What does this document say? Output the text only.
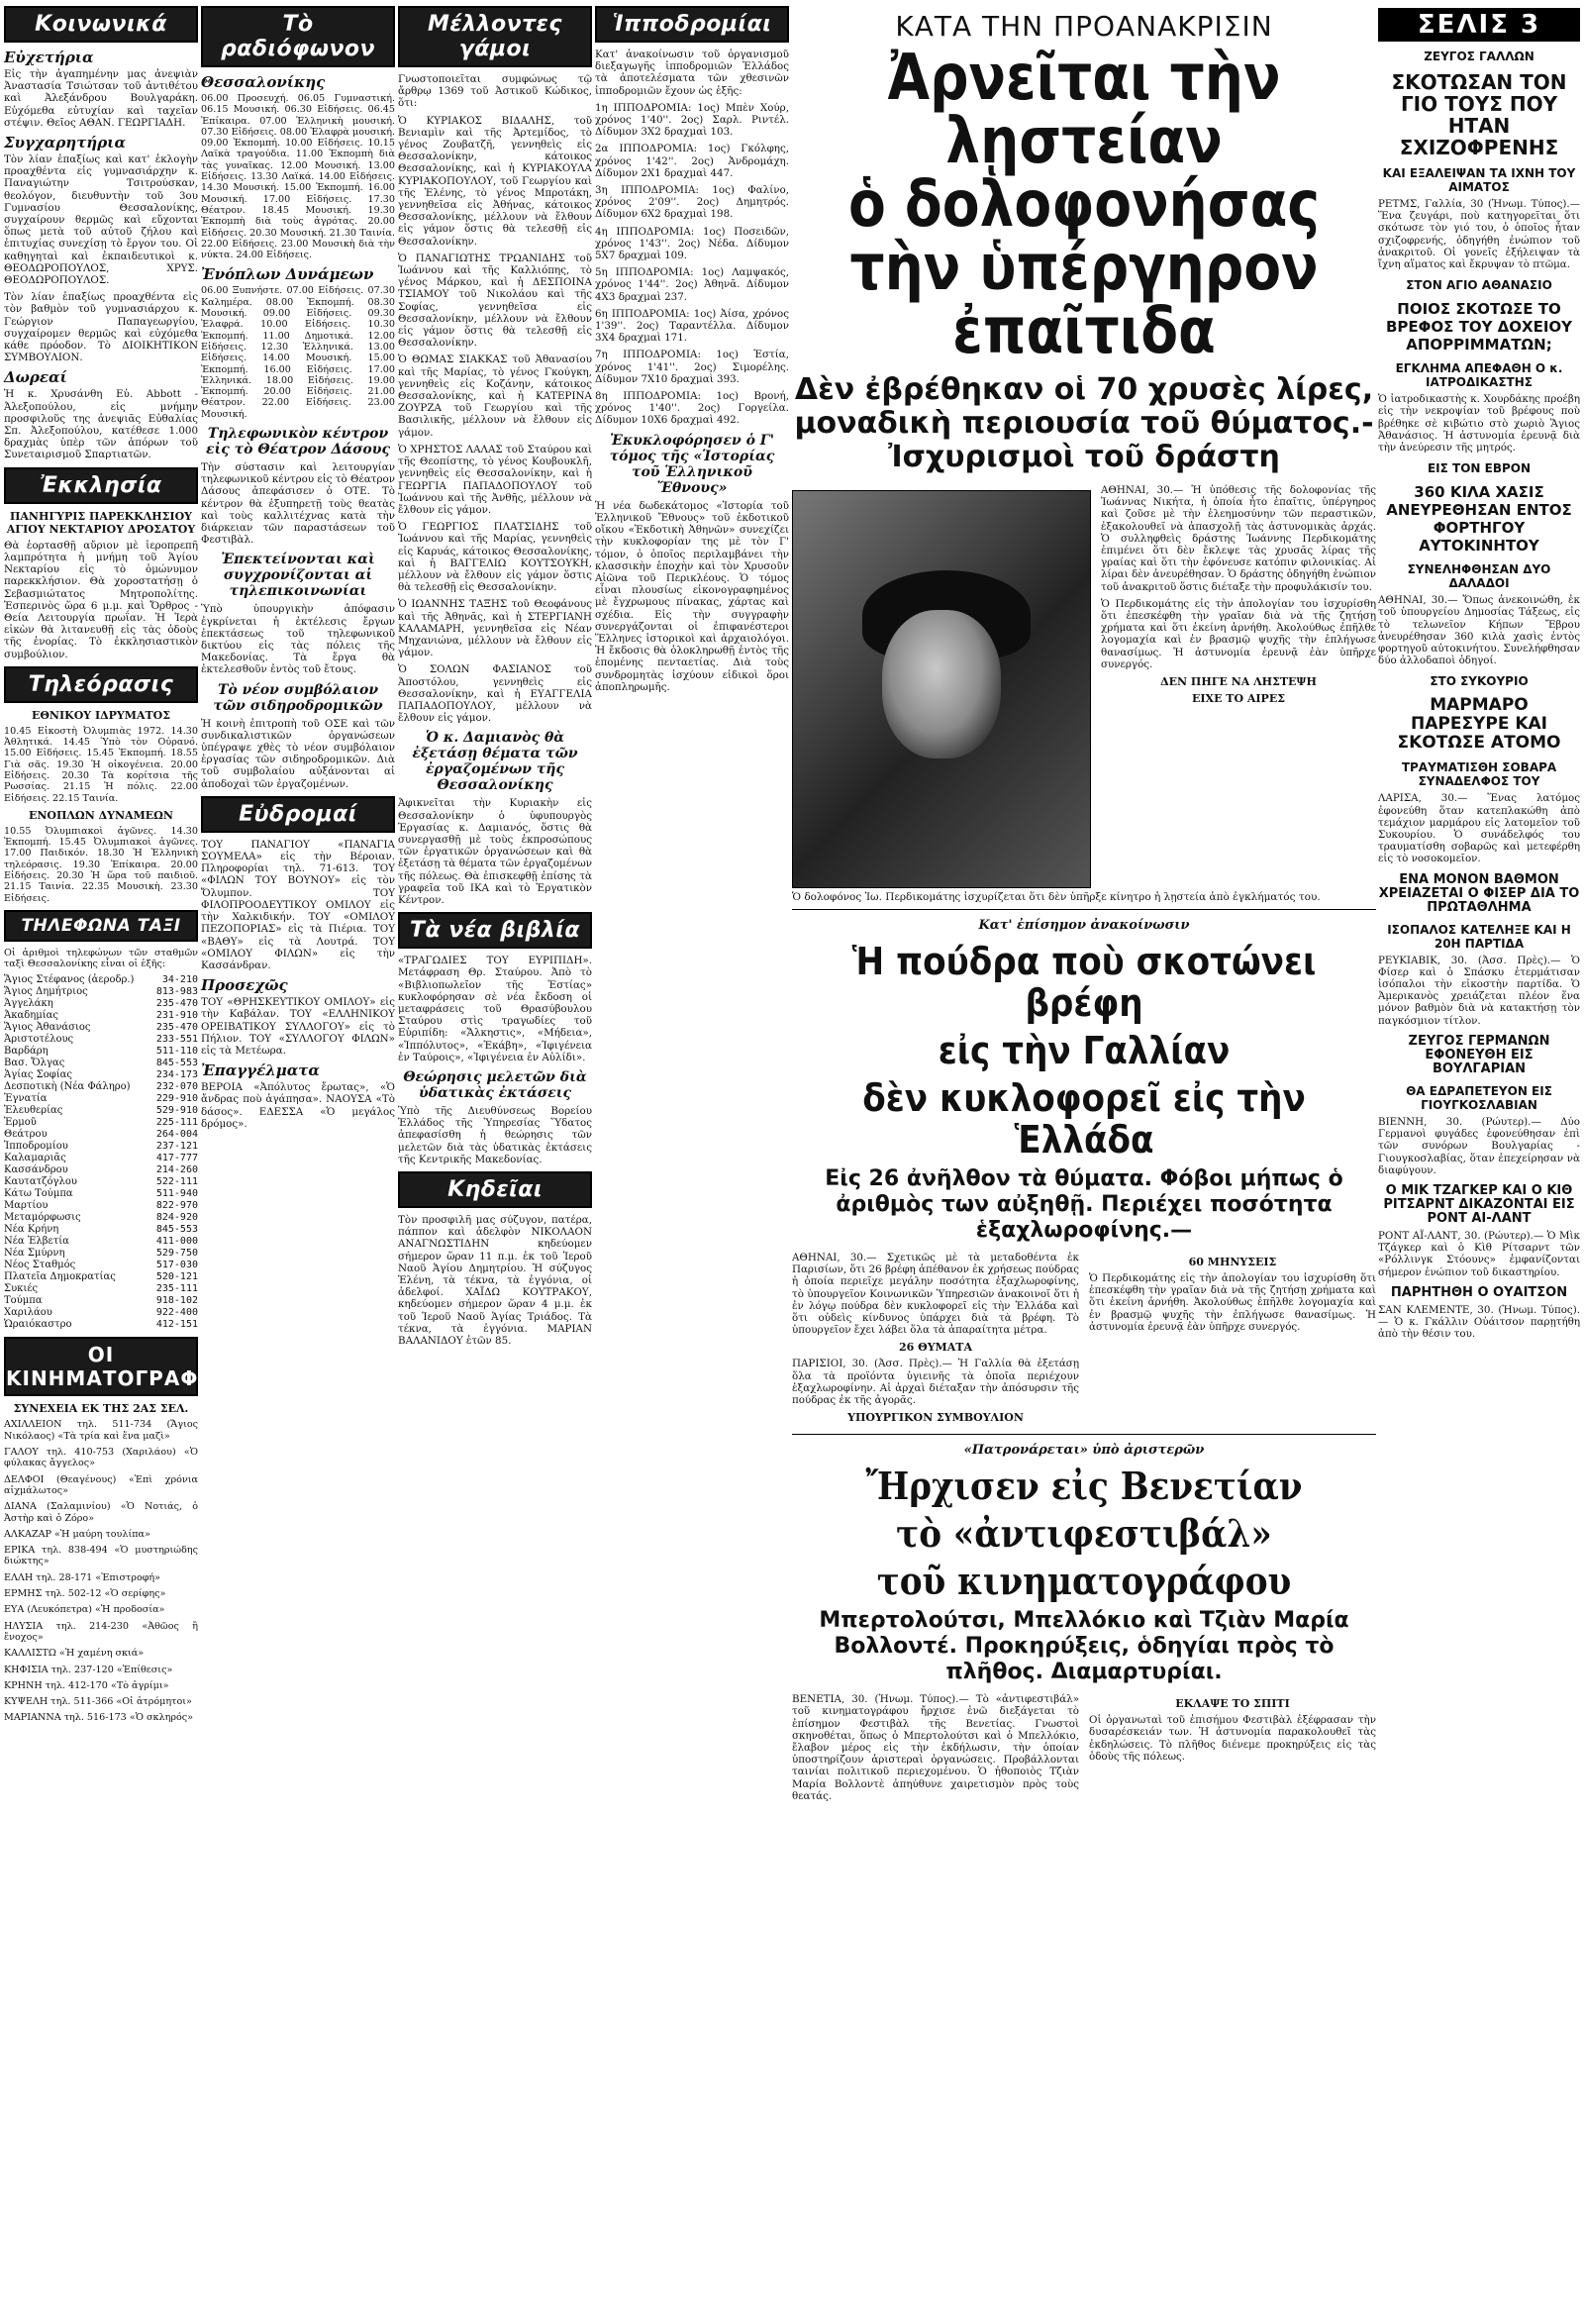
Κοινωνικά
Εὐχετήρια

Εἰς τὴν ἀγαπημένην μας ἀνεψιὰν Ἀναστασία Τσιώτσαν τοῦ ἀντιθέτου καὶ Ἀλεξάνδρου Βουλγαράκη. Εὐχόμεθα εὐτυχίαν καὶ ταχεῖαν στέψιν. Θεῖος ΑΘΑΝ. ΓΕΩΡΓΙΑΔΗ.

Συγχαρητήρια

Τὸν λίαν ἐπαξίως καὶ κατ' ἐκλογὴν προαχθέντα εἰς γυμνασιάρχην κ. Παναγιώτην Τσιτρούσκαν, θεολόγον, διευθυντὴν τοῦ 3ου Γυμνασίου Θεσσαλονίκης, συγχαίρουν θερμῶς καὶ εὔχονται ὅπως μετὰ τοῦ αὐτοῦ ζήλου καὶ ἐπιτυχίας συνεχίσῃ τὸ ἔργον του. Οἱ καθηγηταὶ καὶ ἐκπαιδευτικοὶ κ. ΘΕΟΔΩΡΟΠΟΥΛΟΣ, ΧΡΥΣ. ΘΕΟΔΩΡΟΠΟΥΛΟΣ.

Τὸν λίαν ἐπαξίως προαχθέντα εἰς τὸν βαθμὸν τοῦ γυμνασιάρχου κ. Γεώργιον Παπαγεωργίου, συγχαίρομεν θερμῶς καὶ εὐχόμεθα κάθε πρόοδον. Τὸ ΔΙΟΙΚΗΤΙΚΟΝ ΣΥΜΒΟΥΛΙΟΝ.

Δωρεαί

Ἡ κ. Χρυσάνθη Εὐ. Abbott - Ἀλεξοπούλου, εἰς μνήμην προσφιλοῦς της ἀνεψιᾶς Εὐθαλίας Σπ. Ἀλεξοπούλου, κατέθεσε 1.000 δραχμὰς ὑπὲρ τῶν ἀπόρων τοῦ Συνεταιρισμοῦ Σπαρτιατῶν.

Ἐκκλησία
ΠΑΝΗΓΥΡΙΣ ΠΑΡΕΚΚΛΗΣΙΟΥ ΑΓΙΟΥ ΝΕΚΤΑΡΙΟΥ ΔΡΟΣΑΤΟΥ

Θὰ ἑορτασθῇ αὔριον μὲ ἱεροπρεπῆ λαμπρότητα ἡ μνήμη τοῦ Ἁγίου Νεκταρίου εἰς τὸ ὁμώνυμον παρεκκλήσιον. Θὰ χοροστατήσῃ ὁ Σεβασμιώτατος Μητροπολίτης. Ἑσπερινὸς ὥρα 6 μ.μ. καὶ Ὄρθρος - Θεία Λειτουργία πρωΐαν. Ἡ Ἱερὰ εἰκὼν θὰ λιτανευθῇ εἰς τὰς ὁδοὺς τῆς ἐνορίας. Τὸ ἐκκλησιαστικὸν συμβούλιον.

Τηλεόρασις
ΕΘΝΙΚΟΥ ΙΔΡΥΜΑΤΟΣ

10.45 Εἰκοστὴ Ὀλυμπιὰς 1972. 14.30 Ἀθλητικά. 14.45 Ὑπὸ τὸν Οὐρανό. 15.00 Εἰδήσεις. 15.45 Ἐκπομπή. 18.55 Γιὰ σᾶς. 19.30 Ἡ οἰκογένεια. 20.00 Εἰδήσεις. 20.30 Τὰ κορίτσια τῆς Ρωσσίας. 21.15 Ἡ πόλις. 22.00 Εἰδήσεις. 22.15 Ταινία.

ΕΝΟΠΛΩΝ ΔΥΝΑΜΕΩΝ

10.55 Ὀλυμπιακοὶ ἀγῶνες. 14.30 Ἐκπομπή. 15.45 Ὀλυμπιακοὶ ἀγῶνες. 17.00 Παιδικόν. 18.30 Ἡ Ἑλληνικὴ τηλεόρασις. 19.30 Ἐπίκαιρα. 20.00 Εἰδήσεις. 20.30 Ἡ ὥρα τοῦ παιδιοῦ. 21.15 Ταινία. 22.35 Μουσικὴ. 23.30 Εἰδήσεις.

ΤΗΛΕΦΩΝΑ ΤΑΞΙ

Οἱ ἀριθμοὶ τηλεφώνων τῶν σταθμῶν ταξὶ Θεσσαλονίκης εἶναι οἱ ἑξῆς:

Ἅγιος Στέφανος (ἀεροδρ.)	34-210
Ἄγιος Δημήτριος	813-983
Ἀγγελάκη	235-470
Ἀκαδημίας	231-910
Ἅγιος Ἀθανάσιος	235-470
Ἀριστοτέλους	233-551
Βαρδάρη	511-110
Βασ. Ὄλγας	845-553
Ἁγίας Σοφίας	234-173
Δεσποτικὴ (Νέα Φάληρο)	232-070
Ἐγνατία	229-910
Ἑλευθερίας	529-910
Ἑρμοῦ	225-111
Θεάτρου	264-004
Ἰπποδρομίου	237-121
Καλαμαριᾶς	417-777
Κασσάνδρου	214-260
Καυτατζόγλου	522-111
Κάτω Τούμπα	511-940
Μαρτίου	822-970
Μεταμόρφωσις	824-920
Νέα Κρήνη	845-553
Νέα Ἐλβετία	411-000
Νέα Σμύρνη	529-750
Νέος Σταθμός	517-030
Πλατεῖα Δημοκρατίας	520-121
Συκιές	235-111
Τούμπα	918-102
Χαριλάου	922-400
Ὡραιόκαστρο	412-151
ΟΙ ΚΙΝΗΜΑΤΟΓΡΑΦΟΙ
ΣΥΝΕΧΕΙΑ ΕΚ ΤΗΣ 2ΑΣ ΣΕΛ.

ΑΧΙΛΛΕΙΟΝ τηλ. 511-734 (Ἄγιος Νικόλαος) «Τὰ τρία καὶ ἕνα μαζὶ»

ΓΑΛΟΥ τηλ. 410-753 (Χαριλάου) «Ὁ φύλακας ἄγγελος»

ΔΕΛΦΟΙ (Θεαγένους) «Ἐπὶ χρόνια αἰχμάλωτος»

ΔΙΑΝΑ (Σαλαμινίου) «Ὁ Νοτιάς, ὁ Ἀστὴρ καὶ ὁ Ζόρο»

ΑΛΚΑΖΑΡ «Ἡ μαύρη τουλίπα»

ΕΡΙΚΑ τηλ. 838-494 «Ὁ μυστηριώδης διώκτης»

ΕΛΛΗ τηλ. 28-171 «Ἐπιστροφή»

ΕΡΜΗΣ τηλ. 502-12 «Ὁ σερίφης»

ΕΥΑ (Λευκόπετρα) «Ἡ προδοσία»

ΗΛΥΣΙΑ τηλ. 214-230 «Ἀθῶος ἢ ἔνοχος»

ΚΑΛΛΙΣΤΩ «Ἡ χαμένη σκιά»

ΚΗΦΙΣΙΑ τηλ. 237-120 «Ἐπίθεσις»

ΚΡΗΝΗ τηλ. 412-170 «Τὸ ἀγρίμι»

ΚΥΨΕΛΗ τηλ. 511-366 «Οἱ ἀτρόμητοι»

ΜΑΡΙΑΝΝΑ τηλ. 516-173 «Ὁ σκληρός»

Τὸ ραδιόφωνον
Θεσσαλονίκης

06.00 Προσευχή. 06.05 Γυμναστική. 06.15 Μουσική. 06.30 Εἰδήσεις. 06.45 Ἐπίκαιρα. 07.00 Ἑλληνικὴ μουσική. 07.30 Εἰδήσεις. 08.00 Ἐλαφρὰ μουσική. 09.00 Ἐκπομπή. 10.00 Εἰδήσεις. 10.15 Λαϊκὰ τραγούδια. 11.00 Ἐκπομπὴ διὰ τὰς γυναῖκας. 12.00 Μουσική. 13.00 Εἰδήσεις. 13.30 Λαϊκά. 14.00 Εἰδήσεις. 14.30 Μουσική. 15.00 Ἐκπομπή. 16.00 Μουσική. 17.00 Εἰδήσεις. 17.30 Θέατρον. 18.45 Μουσική. 19.30 Ἐκπομπὴ διὰ τοὺς ἀγρότας. 20.00 Εἰδήσεις. 20.30 Μουσική. 21.30 Ταινία. 22.00 Εἰδήσεις. 23.00 Μουσικὴ διὰ τὴν νύκτα. 24.00 Εἰδήσεις.

Ἐνόπλων Δυνάμεων

06.00 Ξυπνήστε. 07.00 Εἰδήσεις. 07.30 Καλημέρα. 08.00 Ἐκπομπή. 08.30 Μουσική. 09.00 Εἰδήσεις. 09.30 Ἐλαφρά. 10.00 Εἰδήσεις. 10.30 Ἐκπομπή. 11.00 Δημοτικά. 12.00 Εἰδήσεις. 12.30 Ἑλληνικά. 13.00 Εἰδήσεις. 14.00 Μουσική. 15.00 Ἐκπομπή. 16.00 Εἰδήσεις. 17.00 Ἑλληνικά. 18.00 Εἰδήσεις. 19.00 Ἐκπομπή. 20.00 Εἰδήσεις. 21.00 Θέατρον. 22.00 Εἰδήσεις. 23.00 Μουσική.

Τηλεφωνικὸν κέντρον εἰς τὸ Θέατρον Δάσους

Τὴν σύστασιν καὶ λειτουργίαν τηλεφωνικοῦ κέντρου εἰς τὸ Θέατρον Δάσους ἀπεφάσισεν ὁ ΟΤΕ. Τὸ κέντρον θὰ ἐξυπηρετῇ τοὺς θεατὰς καὶ τοὺς καλλιτέχνας κατὰ τὴν διάρκειαν τῶν παραστάσεων τοῦ Φεστιβὰλ.

Ἐπεκτείνονται καὶ συγχρονίζονται αἱ τηλεπικοινωνίαι

Ὑπὸ ὑπουργικὴν ἀπόφασιν ἐγκρίνεται ἡ ἐκτέλεσις ἔργων ἐπεκτάσεως τοῦ τηλεφωνικοῦ δικτύου εἰς τὰς πόλεις τῆς Μακεδονίας. Τὰ ἔργα θὰ ἐκτελεσθοῦν ἐντὸς τοῦ ἔτους.

Τὸ νέον συμβόλαιον τῶν σιδηροδρομικῶν

Ἡ κοινὴ ἐπιτροπὴ τοῦ ΟΣΕ καὶ τῶν συνδικαλιστικῶν ὀργανώσεων ὑπέγραψε χθὲς τὸ νέον συμβόλαιον ἐργασίας τῶν σιδηροδρομικῶν. Διὰ τοῦ συμβολαίου αὐξάνονται αἱ ἀποδοχαὶ τῶν ἐργαζομένων.

Εὐδρομαί

ΤΟΥ ΠΑΝΑΓΙΟΥ «ΠΑΝΑΓΙΑ ΣΟΥΜΕΛΑ» εἰς τὴν Βέροιαν. Πληροφορίαι τηλ. 71-613. ΤΟΥ «ΦΙΛΩΝ ΤΟΥ ΒΟΥΝΟΥ» εἰς τὸν Ὄλυμπον. ΤΟΥ ΦΙΛΟΠΡΟΟΔΕΥΤΙΚΟΥ ΟΜΙΛΟΥ εἰς τὴν Χαλκιδικήν. ΤΟΥ «ΟΜΙΛΟΥ ΠΕΖΟΠΟΡΙΑΣ» εἰς τὰ Πιέρια. ΤΟΥ «ΒΑΘΥ» εἰς τὰ Λουτρά. ΤΟΥ «ΟΜΙΛΟΥ ΦΙΛΩΝ» εἰς τὴν Κασσάνδραν.

Προσεχῶς

ΤΟΥ «ΘΡΗΣΚΕΥΤΙΚΟΥ ΟΜΙΛΟΥ» εἰς τὴν Καβάλαν. ΤΟΥ «ΕΛΛΗΝΙΚΟΥ ΟΡΕΙΒΑΤΙΚΟΥ ΣΥΛΛΟΓΟΥ» εἰς τὸ Πήλιον. ΤΟΥ «ΣΥΛΛΟΓΟΥ ΦΙΛΩΝ» εἰς τὰ Μετέωρα.

Ἐπαγγέλματα

ΒΕΡΟΙΑ «Ἀπόλυτος ἔρωτας», «Ὁ ἄνδρας ποὺ ἀγάπησα». ΝΑΟΥΣΑ «Τὸ δάσος». ΕΔΕΣΣΑ «Ὁ μεγάλος δρόμος».

Μέλλοντες γάμοι

Γνωστοποιεῖται συμφώνως τῷ ἄρθρῳ 1369 τοῦ Ἀστικοῦ Κώδικος, ὅτι:

Ὁ ΚΥΡΙΑΚΟΣ ΒΙΔΑΛΗΣ, τοῦ Βενιαμὶν καὶ τῆς Ἀρτεμίδος, τὸ γένος Ζουβατζῆ, γεννηθεὶς εἰς Θεσσαλονίκην, κάτοικος Θεσσαλονίκης, καὶ ἡ ΚΥΡΙΑΚΟΥΛΑ ΚΥΡΙΑΚΟΠΟΥΛΟΥ, τοῦ Γεωργίου καὶ τῆς Ἑλένης, τὸ γένος Μπροτάκη, γεννηθεῖσα εἰς Ἀθήνας, κάτοικος Θεσσαλονίκης, μέλλουν νὰ ἔλθουν εἰς γάμον ὅστις θὰ τελεσθῇ εἰς Θεσσαλονίκην.

Ὁ ΠΑΝΑΓΙΩΤΗΣ ΤΡΩΑΝΙΔΗΣ τοῦ Ἰωάννου καὶ τῆς Καλλιόπης, τὸ γένος Μάρκου, καὶ ἡ ΔΕΣΠΟΙΝΑ ΤΣΙΑΜΟΥ τοῦ Νικολάου καὶ τῆς Σοφίας, γεννηθεῖσα εἰς Θεσσαλονίκην, μέλλουν νὰ ἔλθουν εἰς γάμον ὅστις θὰ τελεσθῇ εἰς Θεσσαλονίκην.

Ὁ ΘΩΜΑΣ ΣΙΑΚΚΑΣ τοῦ Ἀθανασίου καὶ τῆς Μαρίας, τὸ γένος Γκούγκη, γεννηθεὶς εἰς Κοζάνην, κάτοικος Θεσσαλονίκης, καὶ ἡ ΚΑΤΕΡΙΝΑ ΖΟΥΡΖΑ τοῦ Γεωργίου καὶ τῆς Βασιλικῆς, μέλλουν νὰ ἔλθουν εἰς γάμον.

Ὁ ΧΡΗΣΤΟΣ ΛΑΛΑΣ τοῦ Σταύρου καὶ τῆς Θεοπίστης, τὸ γένος Κουβουκλῆ, γεννηθεὶς εἰς Θεσσαλονίκην, καὶ ἡ ΓΕΩΡΓΙΑ ΠΑΠΑΔΟΠΟΥΛΟΥ τοῦ Ἰωάννου καὶ τῆς Ἀνθῆς, μέλλουν νὰ ἔλθουν εἰς γάμον.

Ὁ ΓΕΩΡΓΙΟΣ ΠΛΑΤΣΙΔΗΣ τοῦ Ἰωάννου καὶ τῆς Μαρίας, γεννηθεὶς εἰς Καρυάς, κάτοικος Θεσσαλονίκης, καὶ ἡ ΒΑΓΓΕΛΙΩ ΚΟΥΤΣΟΥΚΗ, μέλλουν νὰ ἔλθουν εἰς γάμον ὅστις θὰ τελεσθῇ εἰς Θεσσαλονίκην.

Ὁ ΙΩΑΝΝΗΣ ΤΑΞΗΣ τοῦ Θεοφάνους καὶ τῆς Ἀθηνᾶς, καὶ ἡ ΣΤΕΡΓΙΑΝΗ ΚΑΛΑΜΑΡΗ, γεννηθεῖσα εἰς Νέαν Μηχανιώνα, μέλλουν νὰ ἔλθουν εἰς γάμον.

Ὁ ΣΟΛΩΝ ΦΑΣΙΑΝΟΣ τοῦ Ἀποστόλου, γεννηθεὶς εἰς Θεσσαλονίκην, καὶ ἡ ΕΥΑΓΓΕΛΙΑ ΠΑΠΑΔΟΠΟΥΛΟΥ, μέλλουν νὰ ἔλθουν εἰς γάμον.

Ὁ κ. Δαμιανὸς θὰ ἐξετάσῃ θέματα τῶν ἐργαζομένων τῆς Θεσσαλονίκης

Ἀφικνεῖται τὴν Κυριακὴν εἰς Θεσσαλονίκην ὁ ὑφυπουργὸς Ἐργασίας κ. Δαμιανός, ὅστις θὰ συνεργασθῇ μὲ τοὺς ἐκπροσώπους τῶν ἐργατικῶν ὀργανώσεων καὶ θὰ ἐξετάσῃ τὰ θέματα τῶν ἐργαζομένων τῆς πόλεως. Θὰ ἐπισκεφθῇ ἐπίσης τὰ γραφεῖα τοῦ ΙΚΑ καὶ τὸ Ἐργατικὸν Κέντρον.

Τὰ νέα βιβλία

«ΤΡΑΓΩΔΙΕΣ ΤΟΥ ΕΥΡΙΠΙΔΗ». Μετάφραση Θρ. Σταύρου. Ἀπὸ τὸ «Βιβλιοπωλεῖον τῆς Ἑστίας» κυκλοφόρησαν σὲ νέα ἔκδοση οἱ μεταφράσεις τοῦ Θρασύβουλου Σταύρου στὶς τραγωδίες τοῦ Εὐριπίδη: «Ἄλκηστις», «Μήδεια», «Ἱππόλυτος», «Ἑκάβη», «Ἰφιγένεια ἐν Ταύροις», «Ἰφιγένεια ἐν Αὐλίδι».

Θεώρησις μελετῶν διὰ ὑδατικὰς ἐκτάσεις

Ὑπὸ τῆς Διευθύνσεως Βορείου Ἑλλάδος τῆς Ὑπηρεσίας Ὕδατος ἀπεφασίσθη ἡ θεώρησις τῶν μελετῶν διὰ τὰς ὑδατικὰς ἐκτάσεις τῆς Κεντρικῆς Μακεδονίας.

Κηδεῖαι

Τὸν προσφιλῆ μας σύζυγον, πατέρα, πάππον καὶ ἀδελφὸν ΝΙΚΟΛΑΟΝ ΑΝΑΓΝΩΣΤΙΔΗΝ κηδεύομεν σήμερον ὥραν 11 π.μ. ἐκ τοῦ Ἱεροῦ Ναοῦ Ἁγίου Δημητρίου. Ἡ σύζυγος Ἑλένη, τὰ τέκνα, τὰ ἐγγόνια, οἱ ἀδελφοί. ΧΑΪΔΩ ΚΟΥΤΡΑΚΟΥ, κηδεύομεν σήμερον ὥραν 4 μ.μ. ἐκ τοῦ Ἱεροῦ Ναοῦ Ἁγίας Τριάδος. Τὰ τέκνα, τὰ ἐγγόνια. ΜΑΡΙΑΝ ΒΑΛΑΝΙΔΟΥ ἐτῶν 85.

Ἱπποδρομίαι

Κατ' ἀνακοίνωσιν τοῦ ὀργανισμοῦ διεξαγωγῆς ἱπποδρομιῶν Ἑλλάδος τὰ ἀποτελέσματα τῶν χθεσινῶν ἱπποδρομιῶν ἔχουν ὡς ἑξῆς:

1η ΙΠΠΟΔΡΟΜΙΑ: 1ος) Μπὲν Χούρ, χρόνος 1'40''. 2ος) Σαρλ. Ριντέλ. Δίδυμον 3Χ2 δραχμαὶ 103.

2α ΙΠΠΟΔΡΟΜΙΑ: 1ος) Γκόλφης, χρόνος 1'42''. 2ος) Ἀνδρομάχη. Δίδυμον 2Χ1 δραχμαὶ 447.

3η ΙΠΠΟΔΡΟΜΙΑ: 1ος) Φαλίνο, χρόνος 2'09''. 2ος) Δημητρός. Δίδυμον 6Χ2 δραχμαὶ 198.

4η ΙΠΠΟΔΡΟΜΙΑ: 1ος) Ποσειδῶν, χρόνος 1'43''. 2ος) Νέδα. Δίδυμον 5Χ7 δραχμαὶ 109.

5η ΙΠΠΟΔΡΟΜΙΑ: 1ος) Λαμψακός, χρόνος 1'44''. 2ος) Ἀθηνᾶ. Δίδυμον 4Χ3 δραχμαὶ 237.

6η ΙΠΠΟΔΡΟΜΙΑ: 1ος) Ἀίσα, χρόνος 1'39''. 2ος) Ταραντέλλα. Δίδυμον 3Χ4 δραχμαὶ 171.

7η ΙΠΠΟΔΡΟΜΙΑ: 1ος) Ἑστία, χρόνος 1'41''. 2ος) Σιμορέλης. Δίδυμον 7Χ10 δραχμαὶ 393.

8η ΙΠΠΟΔΡΟΜΙΑ: 1ος) Βρονή, χρόνος 1'40''. 2ος) Γοργείλα. Δίδυμον 10Χ6 δραχμαὶ 492.

Ἐκυκλοφόρησεν ὁ Γ' τόμος τῆς «Ἱστορίας τοῦ Ἑλληνικοῦ Ἔθνους»

Ἡ νέα δωδεκάτομος «Ἱστορία τοῦ Ἑλληνικοῦ Ἔθνους» τοῦ ἐκδοτικοῦ οἴκου «Ἐκδοτικὴ Ἀθηνῶν» συνεχίζει τὴν κυκλοφορίαν της μὲ τὸν Γ' τόμον, ὁ ὁποῖος περιλαμβάνει τὴν κλασσικὴν ἐποχὴν καὶ τὸν Χρυσοῦν Αἰῶνα τοῦ Περικλέους. Ὁ τόμος εἶναι πλουσίως εἰκονογραφημένος μὲ ἔγχρωμους πίνακας, χάρτας καὶ σχέδια. Εἰς τὴν συγγραφὴν συνεργάζονται οἱ ἐπιφανέστεροι Ἕλληνες ἱστορικοὶ καὶ ἀρχαιολόγοι. Ἡ ἔκδοσις θὰ ὁλοκληρωθῇ ἐντὸς τῆς ἑπομένης πενταετίας. Διὰ τοὺς συνδρομητὰς ἰσχύουν εἰδικοὶ ὅροι ἀποπληρωμῆς.

ΚΑΤΑ ΤΗΝ ΠΡΟΑΝΑΚΡΙΣΙΝ
Ἀρνεῖται τὴν λῃστείαν
ὁ δολοφονήσας
τὴν ὑπέργηρον ἐπαῖτιδα
Δὲν ἐβρέθηκαν οἱ 70 χρυσὲς λίρες, μοναδικὴ περιουσία τοῦ θύματος.- Ἰσχυρισμοὶ τοῦ δράστη

ΑΘΗΝΑΙ, 30.— Ἡ ὑπόθεσις τῆς δολοφονίας τῆς Ἰωάννας Νικήτα, ἡ ὁποία ἦτο ἐπαῖτις, ὑπέργηρος καὶ ζοῦσε μὲ τὴν ἐλεημοσύνην τῶν περαστικῶν, ἐξακολουθεῖ νὰ ἀπασχολῇ τὰς ἀστυνομικὰς ἀρχάς. Ὁ συλληφθεὶς δράστης Ἰωάννης Περδικομάτης ἐπιμένει ὅτι δὲν ἔκλεψε τὰς χρυσᾶς λίρας τῆς γραίας καὶ ὅτι τὴν ἐφόνευσε κατόπιν φιλονικίας. Αἱ λίραι δὲν ἀνευρέθησαν. Ὁ δράστης ὁδηγήθη ἐνώπιον τοῦ ἀνακριτοῦ ὅστις διέταξε τὴν προφυλάκισίν του.

Ὁ Περδικομάτης εἰς τὴν ἀπολογίαν του ἰσχυρίσθη ὅτι ἐπεσκέφθη τὴν γραῖαν διὰ νὰ τῆς ζητήσῃ χρήματα καὶ ὅτι ἐκείνη ἀρνήθη. Ἀκολούθως ἐπῆλθε λογομαχία καὶ ἐν βρασμῷ ψυχῆς τὴν ἐπλήγωσε θανασίμως. Ἡ ἀστυνομία ἐρευνᾷ ἐὰν ὑπῆρχε συνεργός.

ΔΕΝ ΠΗΓΕ ΝΑ ΛΗΣΤΕΨΗ
ΕΙΧΕ ΤΟ ΑΙΡΕΣ
Ὁ δολοφόνος Ἰω. Περδικομάτης ἰσχυρίζεται ὅτι δὲν ὑπῆρξε κίνητρο ἡ λῃστεία ἀπὸ ἐγκλήματός του.
Κατ' ἐπίσημον ἀνακοίνωσιν
Ἡ πούδρα ποὺ σκοτώνει βρέφη
εἰς τὴν Γαλλίαν
δὲν κυκλοφορεῖ εἰς τὴν Ἑλλάδα
Εἰς 26 ἀνῆλθον τὰ θύματα. Φόβοι μήπως ὁ ἀριθμὸς των αὐξηθῇ. Περιέχει ποσότητα ἑξαχλωροφίνης.—

ΑΘΗΝΑΙ, 30.— Σχετικῶς μὲ τὰ μεταδοθέντα ἐκ Παρισίων, ὅτι 26 βρέφη ἀπέθανον ἐκ χρήσεως πούδρας ἡ ὁποία περιεῖχε μεγάλην ποσότητα ἑξαχλωροφίνης, τὸ ὑπουργεῖον Κοινωνικῶν Ὑπηρεσιῶν ἀνακοινοῖ ὅτι ἡ ἐν λόγῳ πούδρα δὲν κυκλοφορεῖ εἰς τὴν Ἑλλάδα καὶ ὅτι οὐδεὶς κίνδυνος ὑπάρχει διὰ τὰ βρέφη. Τὸ ὑπουργεῖον ἔχει λάβει ὅλα τὰ ἀπαραίτητα μέτρα.

26 ΘΥΜΑΤΑ

ΠΑΡΙΣΙΟΙ, 30. (Ἀσσ. Πρὲς).— Ἡ Γαλλία θὰ ἐξετάσῃ ὅλα τὰ προϊόντα ὑγιεινῆς τὰ ὁποῖα περιέχουν ἑξαχλωροφίνην. Αἱ ἀρχαὶ διέταξαν τὴν ἀπόσυρσιν τῆς πούδρας ἐκ τῆς ἀγορᾶς.

ΥΠΟΥΡΓΙΚΟΝ ΣΥΜΒΟΥΛΙΟΝ
60 ΜΗΝΥΣΕΙΣ

Ὁ Περδικομάτης εἰς τὴν ἀπολογίαν του ἰσχυρίσθη ὅτι ἐπεσκέφθη τὴν γραῖαν διὰ νὰ τῆς ζητήσῃ χρήματα καὶ ὅτι ἐκείνη ἀρνήθη. Ἀκολούθως ἐπῆλθε λογομαχία καὶ ἐν βρασμῷ ψυχῆς τὴν ἐπλήγωσε θανασίμως. Ἡ ἀστυνομία ἐρευνᾷ ἐὰν ὑπῆρχε συνεργός.

«Πατρονάρεται» ὑπὸ ἀριστερῶν
Ἤρχισεν εἰς Βενετίαν
τὸ «ἀντιφεστιβάλ»
τοῦ κινηματογράφου
Μπερτολούτσι, Μπελλόκιο καὶ Τζιὰν Μαρία Βολλοντέ. Προκηρύξεις, ὁδηγίαι πρὸς τὸ πλῆθος. Διαμαρτυρίαι.

ΒΕΝΕΤΙΑ, 30. (Ἡνωμ. Τύπος).— Τὸ «ἀντιφεστιβάλ» τοῦ κινηματογράφου ἤρχισε ἐνῶ διεξάγεται τὸ ἐπίσημον Φεστιβὰλ τῆς Βενετίας. Γνωστοὶ σκηνοθέται, ὅπως ὁ Μπερτολούτσι καὶ ὁ Μπελλόκιο, ἔλαβον μέρος εἰς τὴν ἐκδήλωσιν, τὴν ὁποίαν ὑποστηρίζουν ἀριστεραὶ ὀργανώσεις. Προβάλλονται ταινίαι πολιτικοῦ περιεχομένου. Ὁ ἠθοποιὸς Τζιὰν Μαρία Βολλοντὲ ἀπηύθυνε χαιρετισμὸν πρὸς τοὺς θεατάς.

ΕΚΛΑΨΕ ΤΟ ΣΠΙΤΙ

Οἱ ὀργανωταὶ τοῦ ἐπισήμου Φεστιβὰλ ἐξέφρασαν τὴν δυσαρέσκειάν των. Ἡ ἀστυνομία παρακολουθεῖ τὰς ἐκδηλώσεις. Τὸ πλῆθος διένεμε προκηρύξεις εἰς τὰς ὁδοὺς τῆς πόλεως.

ΣΕΛΙΣ 3
ΖΕΥΓΟΣ ΓΑΛΛΩΝ
ΣΚΟΤΩΣΑΝ ΤΟΝ ΓΙΟ ΤΟΥΣ ΠΟΥ ΗΤΑΝ ΣΧΙΖΟΦΡΕΝΗΣ
ΚΑΙ ΕΞΑΛΕΙΨΑΝ ΤΑ ΙΧΝΗ ΤΟΥ ΑΙΜΑΤΟΣ

ΡΕΤΜΣ, Γαλλία, 30 (Ἡνωμ. Τύπος).— Ἕνα ζευγάρι, ποὺ κατηγορεῖται ὅτι σκότωσε τὸν γιό του, ὁ ὁποῖος ἦταν σχιζοφρενής, ὁδηγήθη ἐνώπιον τοῦ ἀνακριτοῦ. Οἱ γονεῖς ἐξήλειψαν τὰ ἴχνη αἵματος καὶ ἔκρυψαν τὸ πτῶμα.

ΣΤΟΝ ΑΓΙΟ ΑΘΑΝΑΣΙΟ
ΠΟΙΟΣ ΣΚΟΤΩΣΕ ΤΟ ΒΡΕΦΟΣ ΤΟΥ ΔΟΧΕΙΟΥ ΑΠΟΡΡΙΜΜΑΤΩΝ;
ΕΓΚΛΗΜΑ ΑΠΕΦΑΘΗ Ο κ. ΙΑΤΡΟΔΙΚΑΣΤΗΣ

Ὁ ἰατροδικαστὴς κ. Χουρδάκης προέβη εἰς τὴν νεκροψίαν τοῦ βρέφους ποὺ βρέθηκε σὲ κιβώτιο στὸ χωριὸ Ἅγιος Ἀθανάσιος. Ἡ ἀστυνομία ἐρευνᾷ διὰ τὴν ἀνεύρεσιν τῆς μητρός.

ΕΙΣ ΤΟΝ ΕΒΡΟΝ
360 ΚΙΛΑ ΧΑΣΙΣ ΑΝΕΥΡΕΘΗΣΑΝ ΕΝΤΟΣ ΦΟΡΤΗΓΟΥ ΑΥΤΟΚΙΝΗΤΟΥ
ΣΥΝΕΛΗΦΘΗΣΑΝ ΔΥΟ ΔΑΛΑΔΟΙ

ΑΘΗΝΑΙ, 30.— Ὅπως ἀνεκοινώθη, ἐκ τοῦ ὑπουργείου Δημοσίας Τάξεως, εἰς τὸ τελωνεῖον Κήπων Ἔβρου ἀνευρέθησαν 360 κιλὰ χασὶς ἐντὸς φορτηγοῦ αὐτοκινήτου. Συνελήφθησαν δύο ἀλλοδαποὶ ὁδηγοί.

ΣΤΟ ΣΥΚΟΥΡΙΟ
ΜΑΡΜΑΡΟ ΠΑΡΕΣΥΡΕ ΚΑΙ ΣΚΟΤΩΣΕ ΑΤΟΜΟ
ΤΡΑΥΜΑΤΙΣΘΗ ΣΟΒΑΡΑ ΣΥΝΑΔΕΛΦΟΣ ΤΟΥ

ΛΑΡΙΣΑ, 30.— Ἕνας λατόμος ἐφονεύθη ὅταν κατεπλακώθη ἀπὸ τεμάχιον μαρμάρου εἰς λατομεῖον τοῦ Συκουρίου. Ὁ συνάδελφός του τραυματίσθη σοβαρῶς καὶ μετεφέρθη εἰς τὸ νοσοκομεῖον.

ΕΝΑ ΜΟΝΟΝ ΒΑΘΜΟΝ ΧΡΕΙΑΖΕΤΑΙ Ο ΦΙΣΕΡ ΔΙΑ ΤΟ ΠΡΩΤΑΘΛΗΜΑ
ΙΣΟΠΑΛΟΣ ΚΑΤΕΛΗΞΕ ΚΑΙ Η 20Η ΠΑΡΤΙΔΑ

ΡΕΥΚΙΑΒΙΚ, 30. (Ἀσσ. Πρὲς).— Ὁ Φίσερ καὶ ὁ Σπάσκυ ἐτερμάτισαν ἰσόπαλοι τὴν εἰκοστὴν παρτίδα. Ὁ Ἀμερικανὸς χρειάζεται πλέον ἕνα μόνον βαθμὸν διὰ νὰ κατακτήσῃ τὸν παγκόσμιον τίτλον.

ΖΕΥΓΟΣ ΓΕΡΜΑΝΩΝ ΕΦΟΝΕΥΘΗ ΕΙΣ ΒΟΥΛΓΑΡΙΑΝ
ΘΑ ΕΔΡΑΠΕΤΕΥΟΝ ΕΙΣ ΓΙΟΥΓΚΟΣΛΑΒΙΑΝ

ΒΙΕΝΝΗ, 30. (Ρώυτερ).— Δύο Γερμανοὶ φυγάδες ἐφονεύθησαν ἐπὶ τῶν συνόρων Βουλγαρίας - Γιουγκοσλαβίας, ὅταν ἐπεχείρησαν νὰ διαφύγουν.

Ο ΜΙΚ ΤΖΑΓΚΕΡ ΚΑΙ Ο ΚΙΘ ΡΙΤΣΑΡΝΤ ΔΙΚΑΖΟΝΤΑΙ ΕΙΣ ΡΟΝΤ ΑΙ-ΛΑΝΤ

ΡΟΝΤ ΑΪ-ΛΑΝΤ, 30. (Ρώυτερ).— Ὁ Μὶκ Τζάγκερ καὶ ὁ Κὶθ Ρίτσαρντ τῶν «Ρόλλινγκ Στόουνς» ἐμφανίζονται σήμερον ἐνώπιον τοῦ δικαστηρίου.

ΠΑΡΗΤΗΘΗ Ο ΟΥΑΙΤΣΟΝ

ΣΑΝ ΚΛΕΜΕΝΤΕ, 30. (Ἡνωμ. Τύπος).— Ὁ κ. Γκάλλιν Οὐάιτσον παρῃτήθη ἀπὸ τὴν θέσιν του.
